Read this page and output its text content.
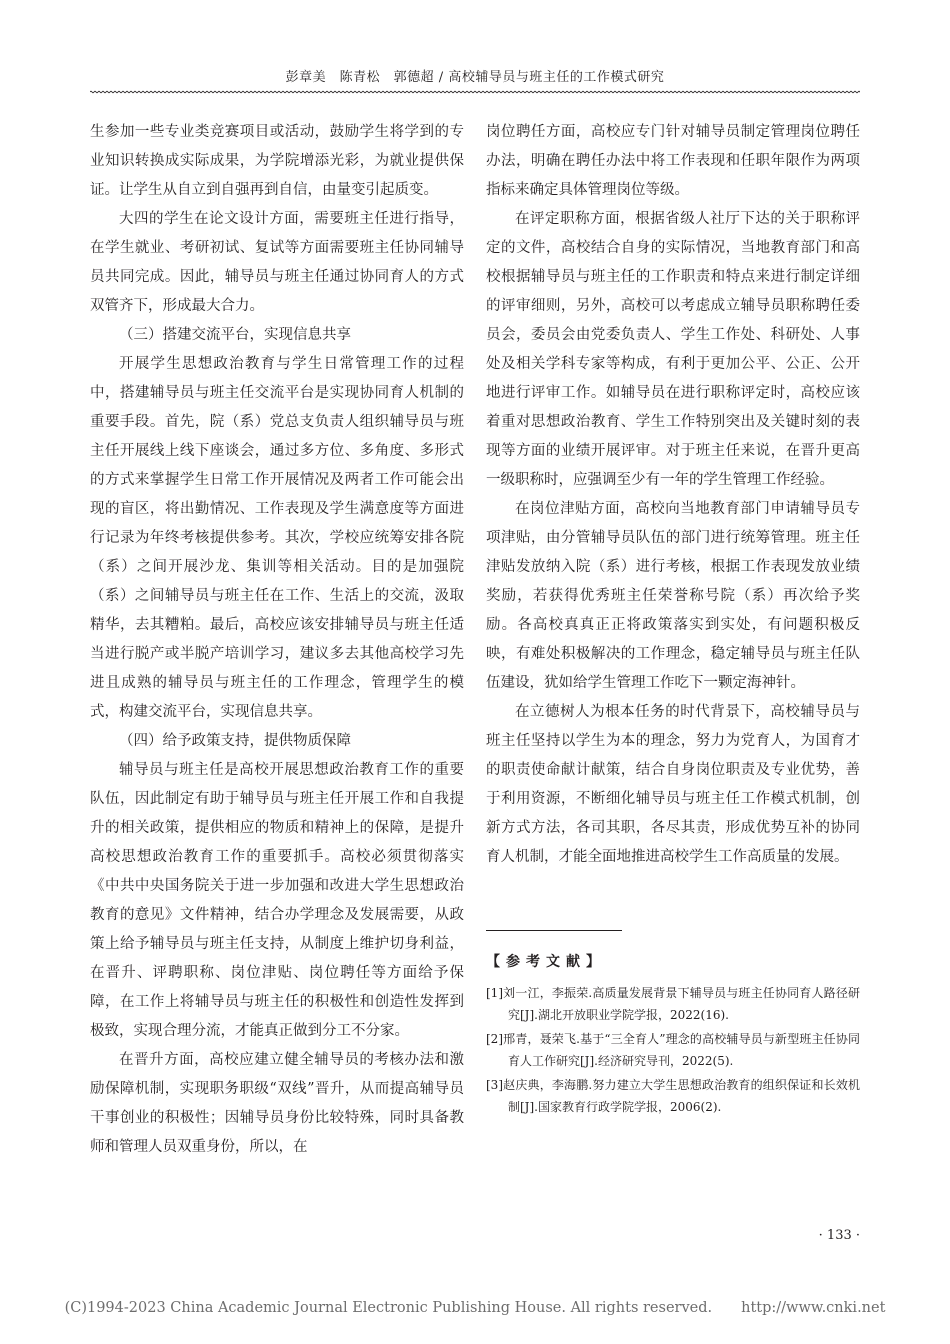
彭章美　陈青松　郭德超 / 高校辅导员与班主任的工作模式研究

生参加一些专业类竞赛项目或活动，鼓励学生将学到的专业知识转换成实际成果，为学院增添光彩，为就业提供保证。让学生从自立到自强再到自信，由量变引起质变。

大四的学生在论文设计方面，需要班主任进行指导，在学生就业、考研初试、复试等方面需要班主任协同辅导员共同完成。因此，辅导员与班主任通过协同育人的方式双管齐下，形成最大合力。

（三）搭建交流平台，实现信息共享

开展学生思想政治教育与学生日常管理工作的过程中，搭建辅导员与班主任交流平台是实现协同育人机制的重要手段。首先，院（系）党总支负责人组织辅导员与班主任开展线上线下座谈会，通过多方位、多角度、多形式的方式来掌握学生日常工作开展情况及两者工作可能会出现的盲区，将出勤情况、工作表现及学生满意度等方面进行记录为年终考核提供参考。其次，学校应统筹安排各院（系）之间开展沙龙、集训等相关活动。目的是加强院（系）之间辅导员与班主任在工作、生活上的交流，汲取精华，去其糟粕。最后，高校应该安排辅导员与班主任适当进行脱产或半脱产培训学习，建议多去其他高校学习先进且成熟的辅导员与班主任的工作理念，管理学生的模式，构建交流平台，实现信息共享。

（四）给予政策支持，提供物质保障

辅导员与班主任是高校开展思想政治教育工作的重要队伍，因此制定有助于辅导员与班主任开展工作和自我提升的相关政策，提供相应的物质和精神上的保障，是提升高校思想政治教育工作的重要抓手。高校必须贯彻落实《中共中央国务院关于进一步加强和改进大学生思想政治教育的意见》文件精神，结合办学理念及发展需要，从政策上给予辅导员与班主任支持，从制度上维护切身利益，在晋升、评聘职称、岗位津贴、岗位聘任等方面给予保障，在工作上将辅导员与班主任的积极性和创造性发挥到极致，实现合理分流，才能真正做到分工不分家。

在晋升方面，高校应建立健全辅导员的考核办法和激励保障机制，实现职务职级“双线”晋升，从而提高辅导员干事创业的积极性；因辅导员身份比较特殊，同时具备教师和管理人员双重身份，所以，在

岗位聘任方面，高校应专门针对辅导员制定管理岗位聘任办法，明确在聘任办法中将工作表现和任职年限作为两项指标来确定具体管理岗位等级。

在评定职称方面，根据省级人社厅下达的关于职称评定的文件，高校结合自身的实际情况，当地教育部门和高校根据辅导员与班主任的工作职责和特点来进行制定详细的评审细则，另外，高校可以考虑成立辅导员职称聘任委员会，委员会由党委负责人、学生工作处、科研处、人事处及相关学科专家等构成，有利于更加公平、公正、公开地进行评审工作。如辅导员在进行职称评定时，高校应该着重对思想政治教育、学生工作特别突出及关键时刻的表现等方面的业绩开展评审。对于班主任来说，在晋升更高一级职称时，应强调至少有一年的学生管理工作经验。

在岗位津贴方面，高校向当地教育部门申请辅导员专项津贴，由分管辅导员队伍的部门进行统筹管理。班主任津贴发放纳入院（系）进行考核，根据工作表现发放业绩奖励，若获得优秀班主任荣誉称号院（系）再次给予奖励。各高校真真正正将政策落实到实处，有问题积极反映，有难处积极解决的工作理念，稳定辅导员与班主任队伍建设，犹如给学生管理工作吃下一颗定海神针。

在立德树人为根本任务的时代背景下，高校辅导员与班主任坚持以学生为本的理念，努力为党育人，为国育才的职责使命献计献策，结合自身岗位职责及专业优势，善于利用资源，不断细化辅导员与班主任工作模式机制，创新方式方法，各司其职，各尽其责，形成优势互补的协同育人机制，才能全面地推进高校学生工作高质量的发展。

【参考文献】
[1]刘一江，李振荣.高质量发展背景下辅导员与班主任协同育人路径研究[J].湖北开放职业学院学报，2022(16).
[2]邢青，聂荣飞.基于“三全育人”理念的高校辅导员与新型班主任协同育人工作研究[J].经济研究导刊，2022(5).
[3]赵庆典，李海鹏.努力建立大学生思想政治教育的组织保证和长效机制[J].国家教育行政学院学报，2006(2).
· 133 ·
(C)1994-2023 China Academic Journal Electronic Publishing House. All rights reserved.　　http://www.cnki.net
